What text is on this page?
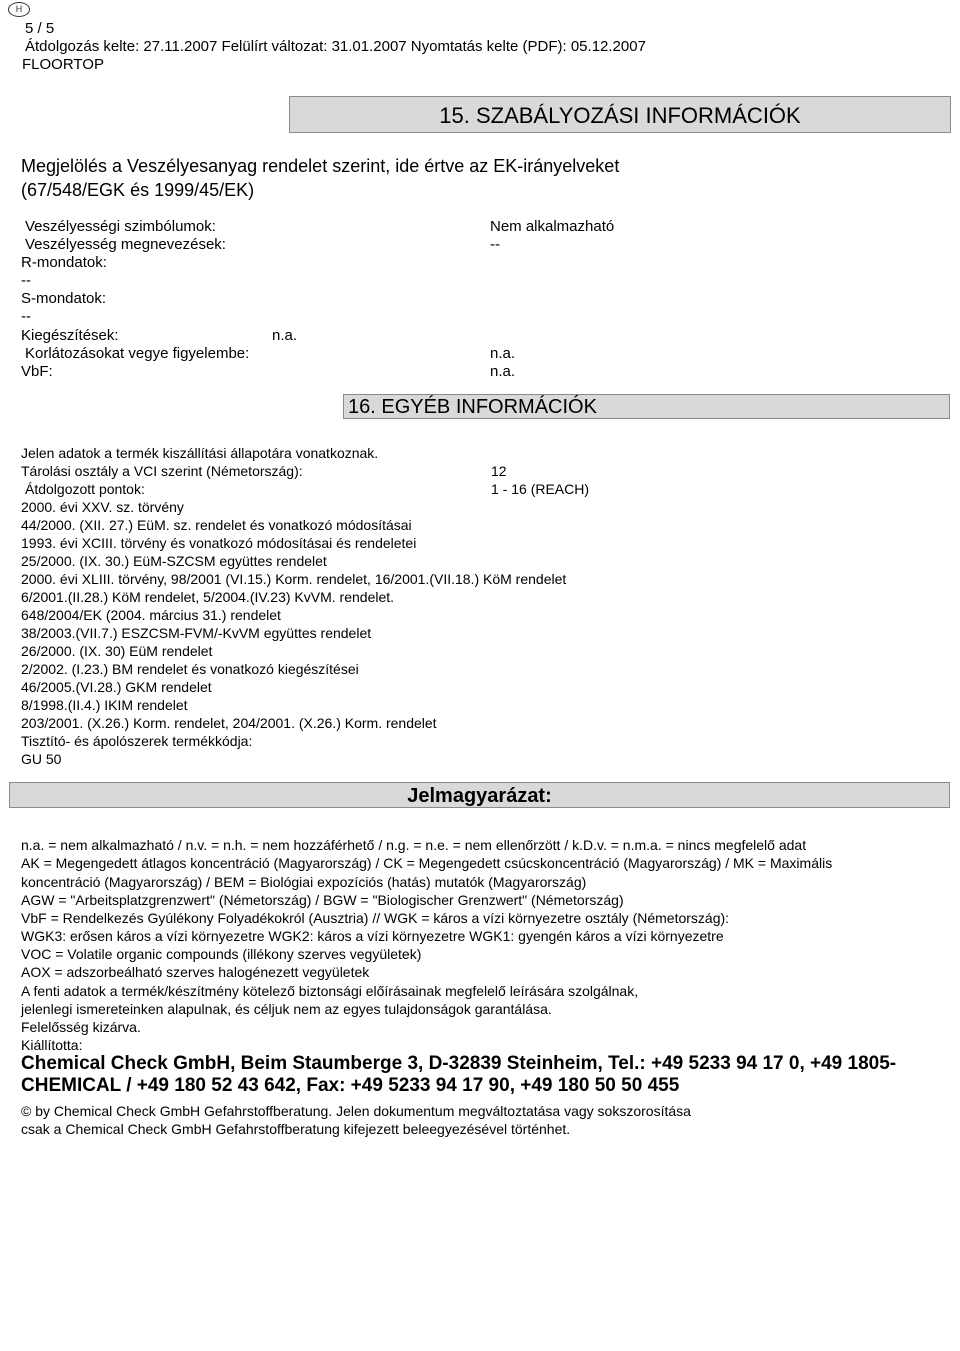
H
5 / 5
Átdolgozás kelte: 27.11.2007 Felülírt változat: 31.01.2007 Nyomtatás kelte (PDF): 05.12.2007
FLOORTOP
15. SZABÁLYOZÁSI INFORMÁCIÓK
Megjelölés a Veszélyesanyag rendelet szerint, ide értve az EK-irányelveket
(67/548/EGK és 1999/45/EK)
Veszélyességi szimbólumok:	Nem alkalmazható
Veszélyesség megnevezések:	--
R-mondatok:
--
S-mondatok:
--
Kiegészítések:	n.a.
Korlátozásokat vegye figyelembe:	n.a.
VbF:	n.a.
16. EGYÉB INFORMÁCIÓK
Jelen adatok a termék kiszállítási állapotára vonatkoznak.
Tárolási osztály a VCI szerint (Németország):	12
Átdolgozott pontok:	1 - 16 (REACH)
2000. évi XXV. sz. törvény
44/2000. (XII. 27.) EüM. sz. rendelet és vonatkozó módosításai
1993. évi XCIII. törvény és vonatkozó módosításai és rendeletei
25/2000. (IX. 30.) EüM-SZCSM együttes rendelet
2000. évi XLIII. törvény, 98/2001 (VI.15.) Korm. rendelet, 16/2001.(VII.18.) KöM rendelet
6/2001.(II.28.) KöM rendelet, 5/2004.(IV.23) KvVM. rendelet.
648/2004/EK (2004. március 31.) rendelet
38/2003.(VII.7.) ESZCSM-FVM/-KvVM együttes rendelet
26/2000. (IX. 30) EüM rendelet
2/2002. (I.23.) BM rendelet és vonatkozó kiegészítései
46/2005.(VI.28.) GKM rendelet
8/1998.(II.4.) IKIM rendelet
203/2001. (X.26.) Korm. rendelet, 204/2001. (X.26.) Korm. rendelet
Tisztító- és ápolószerek termékkódja:
GU 50
Jelmagyarázat:
n.a. = nem alkalmazható / n.v. = n.h. = nem hozzáférhető / n.g. = n.e. = nem ellenőrzött / k.D.v. = n.m.a. = nincs megfelelő adat
AK = Megengedett átlagos koncentráció (Magyarország) / CK = Megengedett csúcskoncentráció (Magyarország) / MK = Maximális
koncentráció (Magyarország) / BEM = Biológiai expozíciós (hatás) mutatók (Magyarország)
AGW = "Arbeitsplatzgrenzwert" (Németország) / BGW = "Biologischer Grenzwert" (Németország)
VbF = Rendelkezés Gyúlékony Folyadékokról (Ausztria) // WGK = káros a vízi környezetre osztály (Németország):
WGK3: erősen káros a vízi környezetre WGK2: káros a vízi környezetre WGK1: gyengén káros a vízi környezetre
VOC = Volatile organic compounds (illékony szerves vegyületek)
AOX = adszorbeálható szerves halogénezett vegyületek
A fenti adatok a termék/készítmény kötelező biztonsági előírásainak megfelelő leírására szolgálnak,
jelenlegi ismereteinken alapulnak, és céljuk nem az egyes tulajdonságok garantálása.
Felelősség kizárva.
Kiállította:
Chemical Check GmbH, Beim Staumberge 3, D-32839 Steinheim, Tel.: +49 5233 94 17 0, +49 1805-
CHEMICAL / +49 180 52 43 642, Fax: +49 5233 94 17 90, +49 180 50 50 455
© by Chemical Check GmbH Gefahrstoffberatung. Jelen dokumentum megváltoztatása vagy sokszorosítása
csak a Chemical Check GmbH Gefahrstoffberatung kifejezett beleegyezésével történhet.
